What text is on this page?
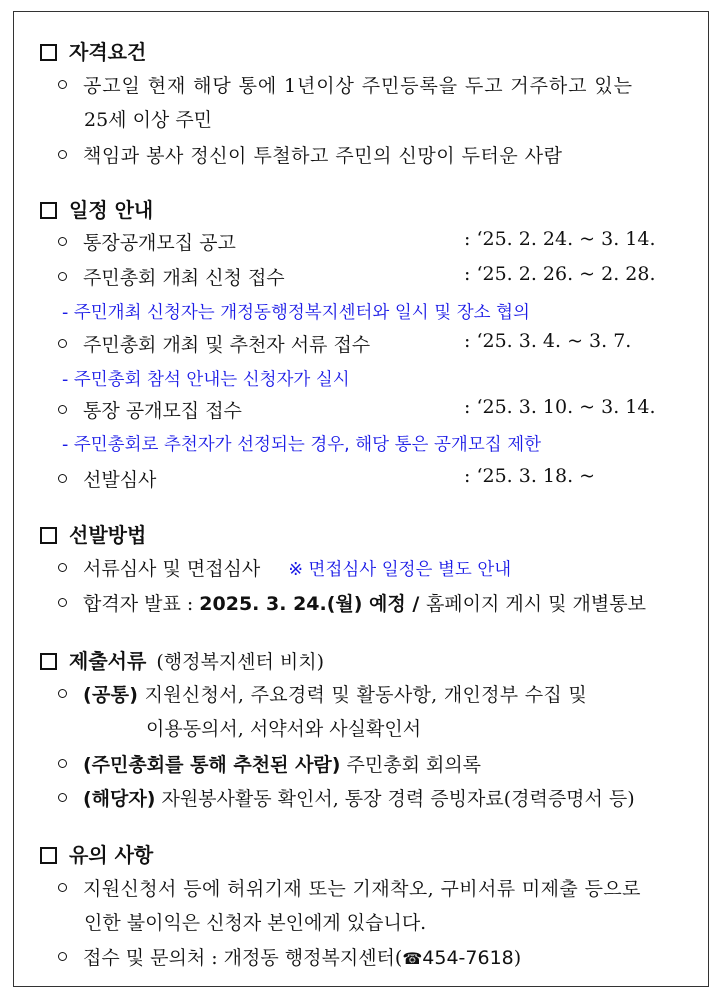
자격요건
공고일 현재 해당 통에 1년이상 주민등록을 두고 거주하고 있는
25세 이상 주민
책임과 봉사 정신이 투철하고 주민의 신망이 두터운 사람
일정 안내
통장공개모집 공고	: ‘25. 2. 24. ~ 3. 14.
주민총회 개최 신청 접수	: ‘25. 2. 26. ~ 2. 28.
- 주민개최 신청자는 개정동행정복지센터와 일시 및 장소 협의
주민총회 개최 및 추천자 서류 접수	: ‘25. 3. 4. ~ 3. 7.
- 주민총회 참석 안내는 신청자가 실시
통장 공개모집 접수	: ‘25. 3. 10. ~ 3. 14.
- 주민총회로 추천자가 선정되는 경우, 해당 통은 공개모집 제한
선발심사	: ‘25. 3. 18. ~
선발방법
서류심사 및 면접심사 ※ 면접심사 일정은 별도 안내
합격자 발표 : 2025. 3. 24.(월) 예정 / 홈페이지 게시 및 개별통보
제출서류 (행정복지센터 비치)
(공통) 지원신청서, 주요경력 및 활동사항, 개인정부 수집 및
이용동의서, 서약서와 사실확인서
(주민총회를 통해 추천된 사람) 주민총회 회의록
(해당자) 자원봉사활동 확인서, 통장 경력 증빙자료(경력증명서 등)
유의 사항
지원신청서 등에 허위기재 또는 기재착오, 구비서류 미제출 등으로
인한 불이익은 신청자 본인에게 있습니다.
접수 및 문의처 : 개정동 행정복지센터(☎454-7618)
